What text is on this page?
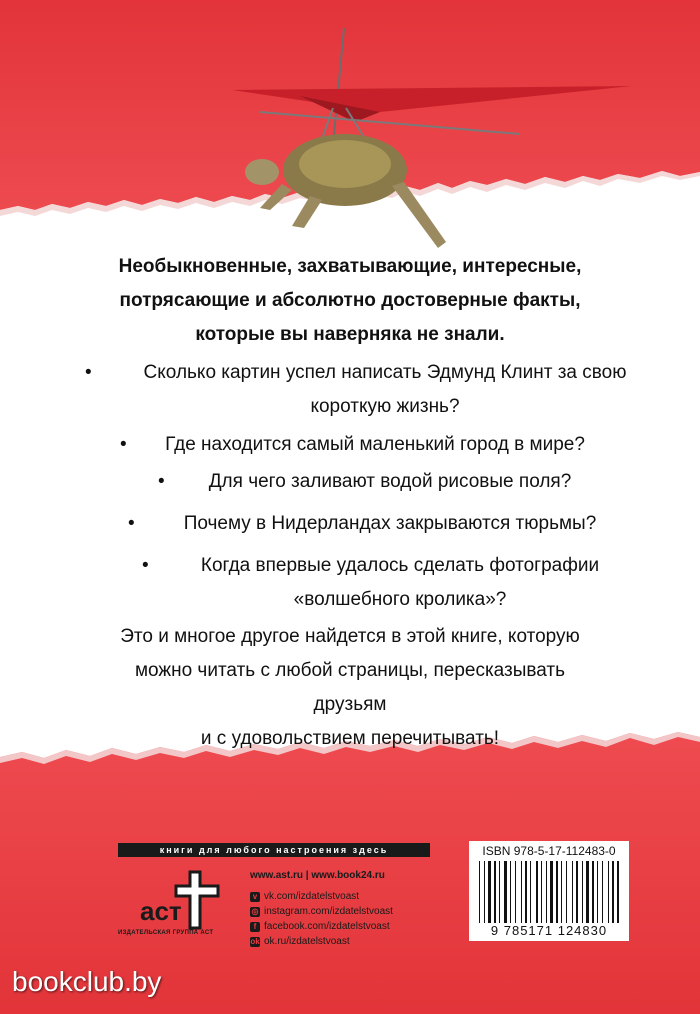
Необыкновенные, захватывающие, интересные,
потрясающие и абсолютно достоверные факты,
которые вы наверняка не знали.

•	Сколько картин успел написать Эдмунд Клинт за свою
короткую жизнь?

•	Где находится самый маленький город в мире?

•	Для чего заливают водой рисовые поля?

•	Почему в Нидерландах закрываются тюрьмы?

•	Когда впервые удалось сделать фотографии
«волшебного кролика»?

Это и многое другое найдется в этой книге, которую
можно читать с любой страницы, пересказывать друзьям
и с удовольствием перечитывать!

книги для любого настроения здесь
аст
ИЗДАТЕЛЬСКАЯ ГРУППА АСТ
www.ast.ru | www.book24.ru
v vk.com/izdatelstvoast
◎ instagram.com/izdatelstvoast
f facebook.com/izdatelstvoast
ok ok.ru/izdatelstvoast
ISBN 978-5-17-112483-0
9 785171 124830
bookclub.by
